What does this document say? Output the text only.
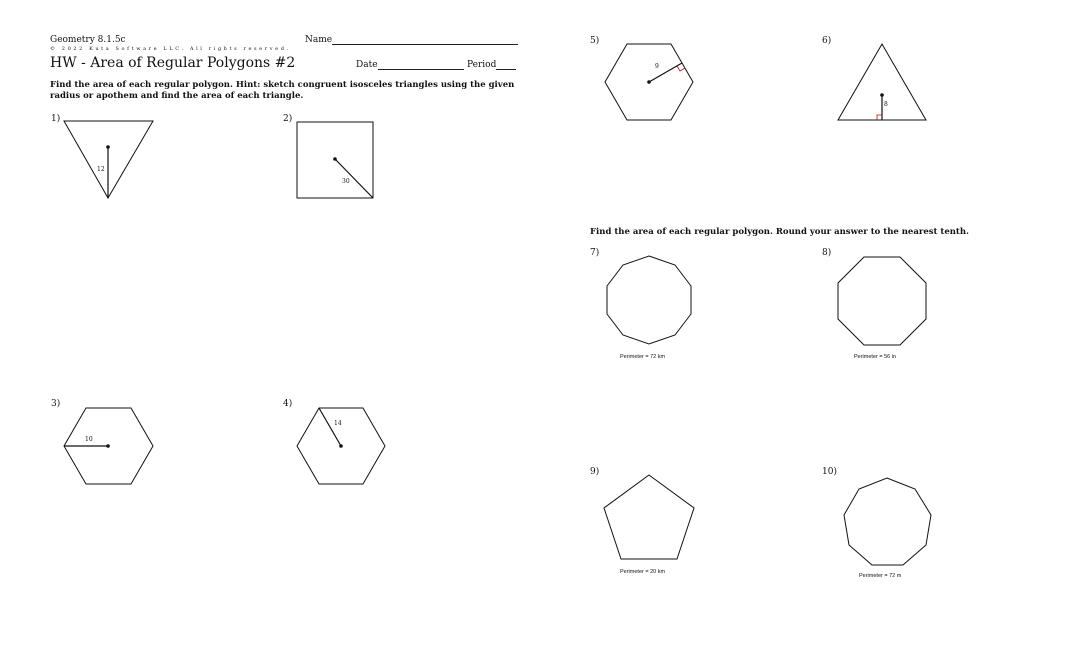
Geometry 8.1.5c
© 2022 Kuta Software LLC. All rights reserved.
Name
HW - Area of Regular Polygons #2	Date	Period
Find the area of each regular polygon. Hint: sketch congruent isosceles triangles using the given
radius or apothem and find the area of each triangle.
1)
12
2)
30
3)
10
4)
14
5)
9
6)
8
Find the area of each regular polygon. Round your answer to the nearest tenth.
7)
Perimeter = 72 km
8)
Perimeter = 56 in
9)
Perimeter = 20 km
10)
Perimeter = 72 m
